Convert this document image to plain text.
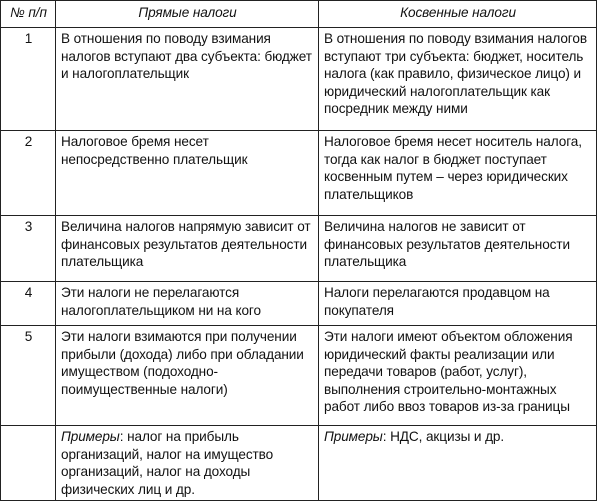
№ п/п	Прямые налоги	Косвенные налоги
1	В отношения по поводу взимания налогов вступают два субъекта: бюджет и налогоплательщик	В отношения по поводу взимания налогов вступают три субъекта: бюджет, носитель налога (как правило, физическое лицо) и юридический налогоплательщик как посредник между ними

2	Налоговое бремя несет непосредственно плательщик	Налоговое бремя несет носитель налога, тогда как налог в бюджет поступает косвенным путем – через юридических плательщиков

3	Величина налогов напрямую зависит от финансовых результатов деятельности плательщика	Величина налогов не зависит от финансовых результатов деятельности плательщика

4	Эти налоги не перелагаются налогоплательщиком ни на кого	Налоги перелагаются продавцом на покупателя

5	Эти налоги взимаются при получении прибыли (дохода) либо при обладании имуществом (подоходно-поимущественные налоги)	Эти налоги имеют объектом обложения юридический факты реализации или передачи товаров (работ, услуг), выполнения строительно-монтажных работ либо ввоз товаров из-за границы

	Примеры: налог на прибыль организаций, налог на имущество организаций, налог на доходы физических лиц и др.	Примеры: НДС, акцизы и др.
